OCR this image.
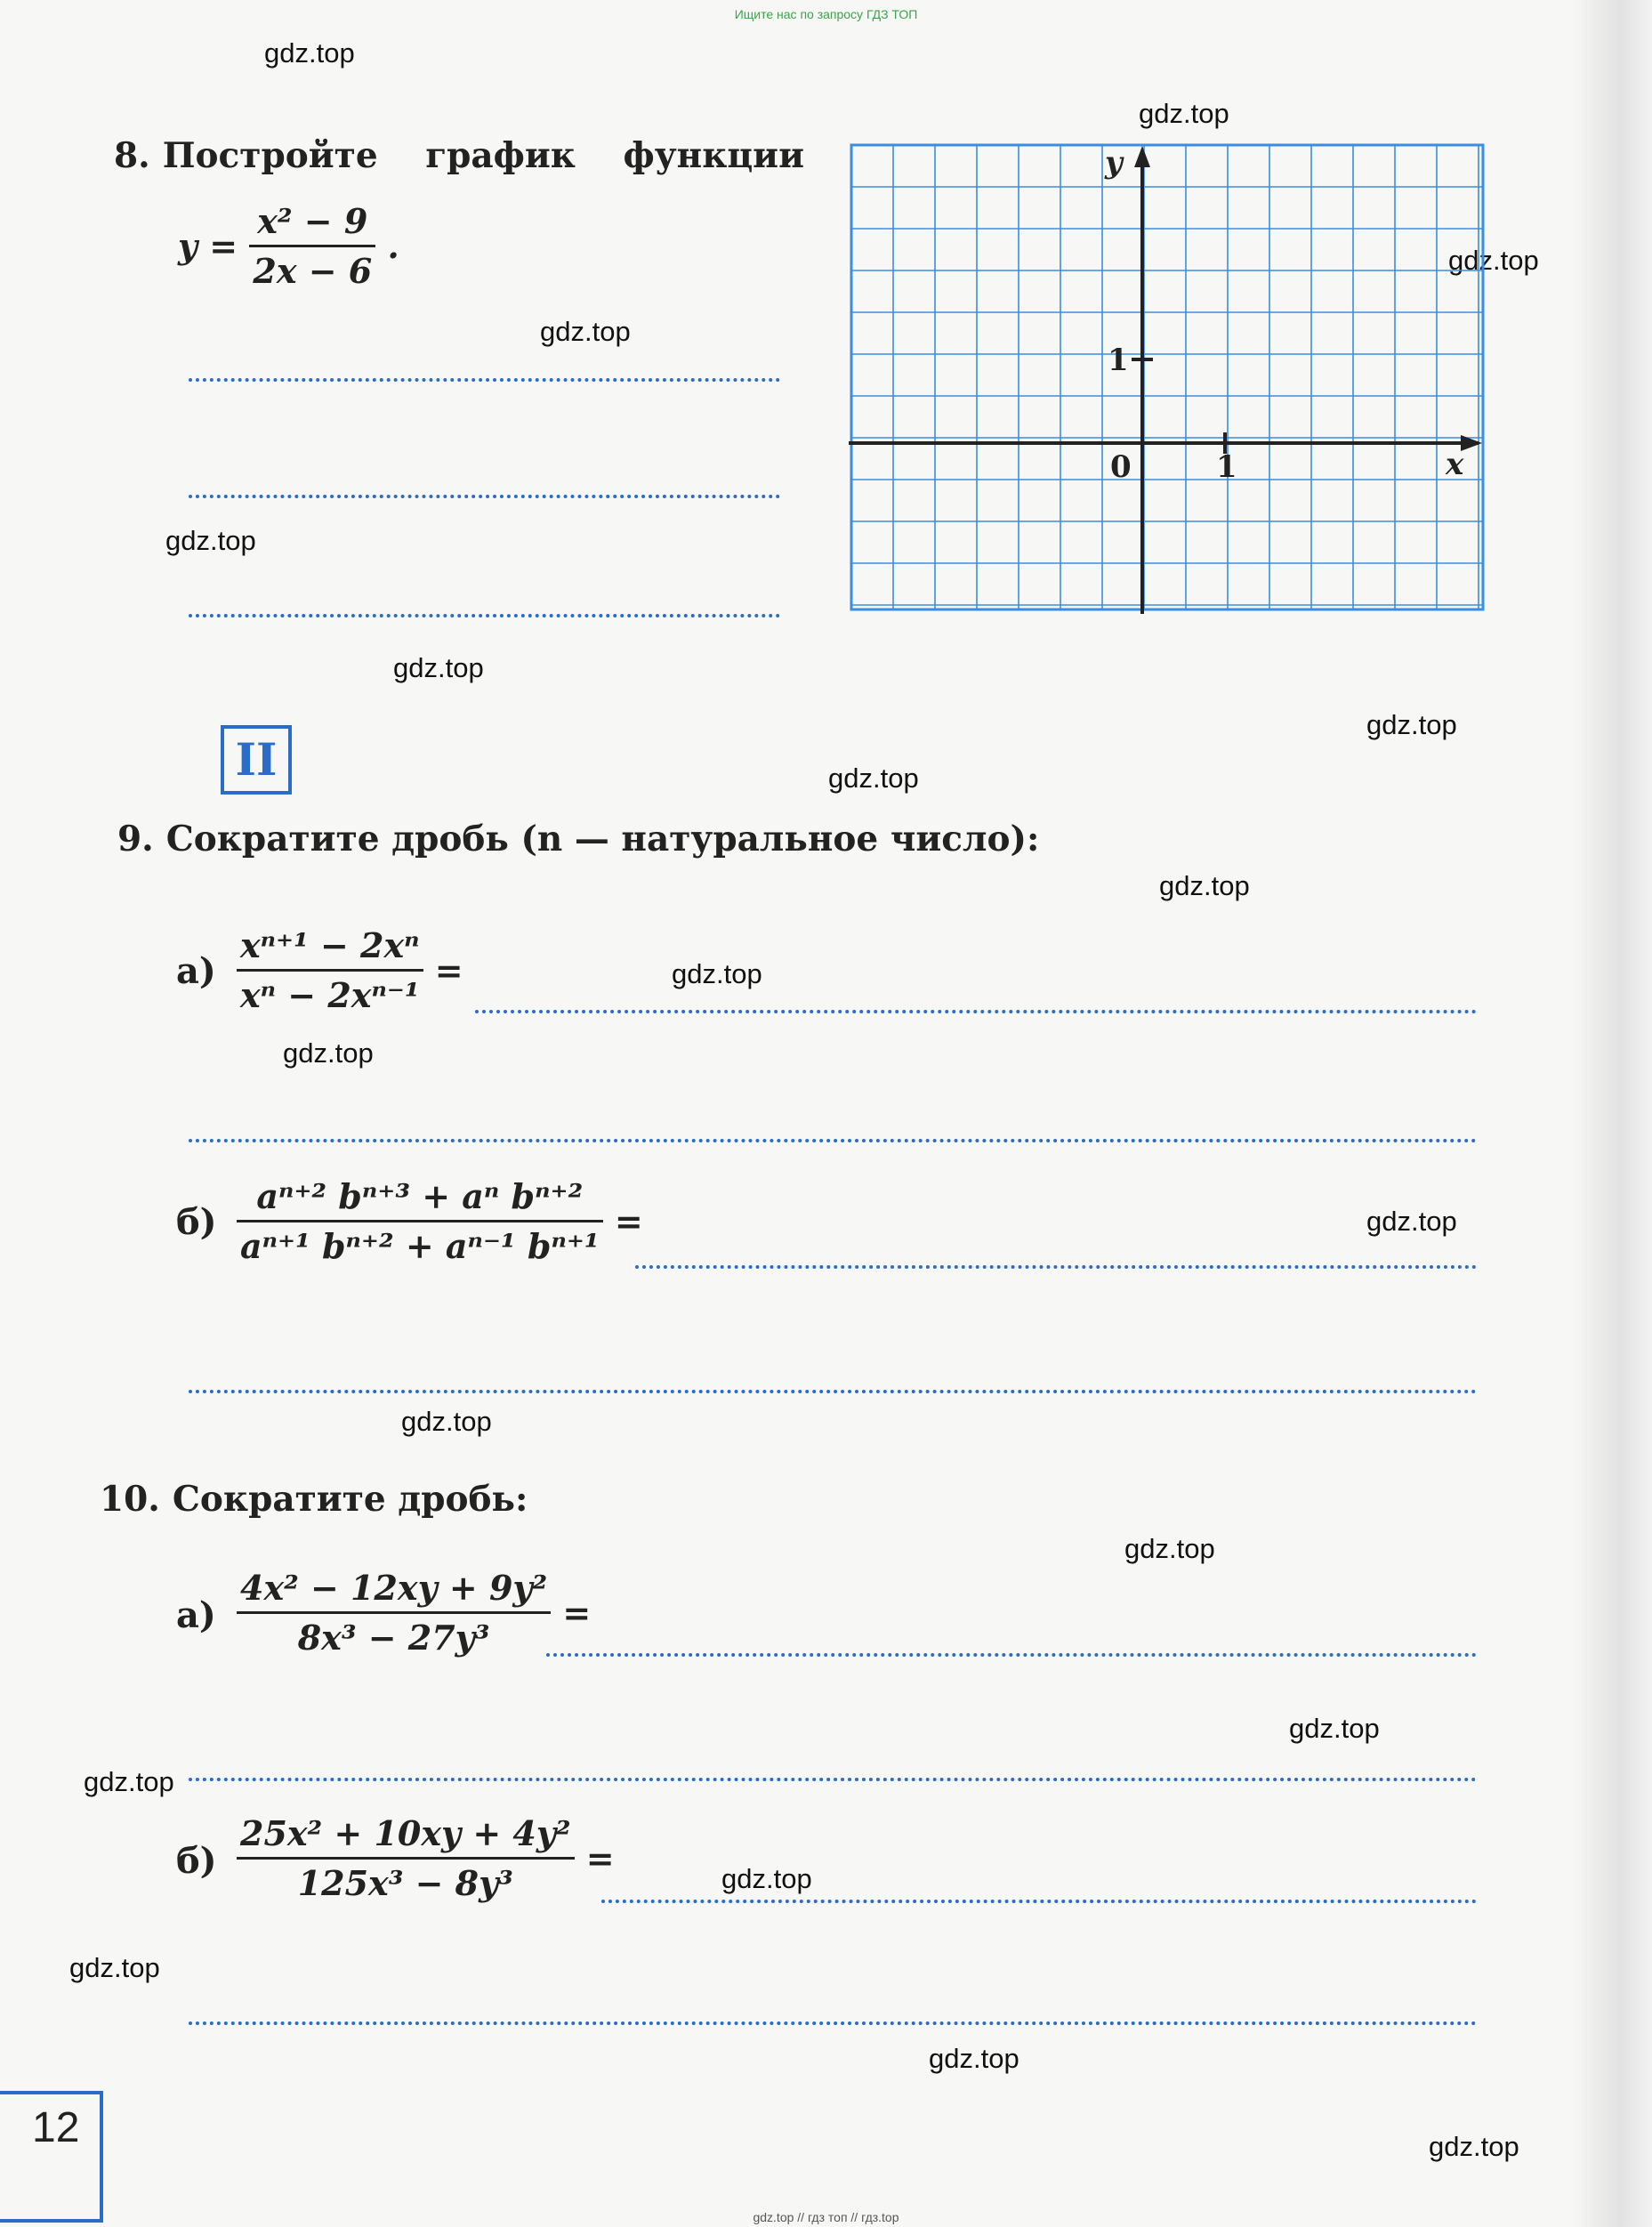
Ищите нас по запросу ГДЗ ТОП
gdz.top
gdz.top
gdz.top
gdz.top
gdz.top
gdz.top
gdz.top
gdz.top
gdz.top
gdz.top
gdz.top
gdz.top
gdz.top
gdz.top
gdz.top
gdz.top
gdz.top
gdz.top
gdz.top
gdz.top
8. Постройте график функции
$y = \frac{\text{x² − 9}}{2x - 6}$ .
y
x
0	1
1
II
9. Сократите дробь (n — натуральное число):
$а) \frac{\text{xⁿ⁺¹ − 2xⁿ}}{\text{xⁿ − 2xⁿ⁻¹}}$ =
$б) \frac{\text{aⁿ⁺² bⁿ⁺³ + aⁿ bⁿ⁺²}}{\text{aⁿ⁺¹ bⁿ⁺² + aⁿ⁻¹ bⁿ⁺¹}}$ =
10. Сократите дробь:
$а) \frac{\text{4x² − 12xy + 9y²}}{\text{8x³ − 27y³}}$ =
$б) \frac{\text{25x² + 10xy + 4y²}}{\text{125x³ − 8y³}}$ =
12
gdz.top // гдз топ // гдз.top
